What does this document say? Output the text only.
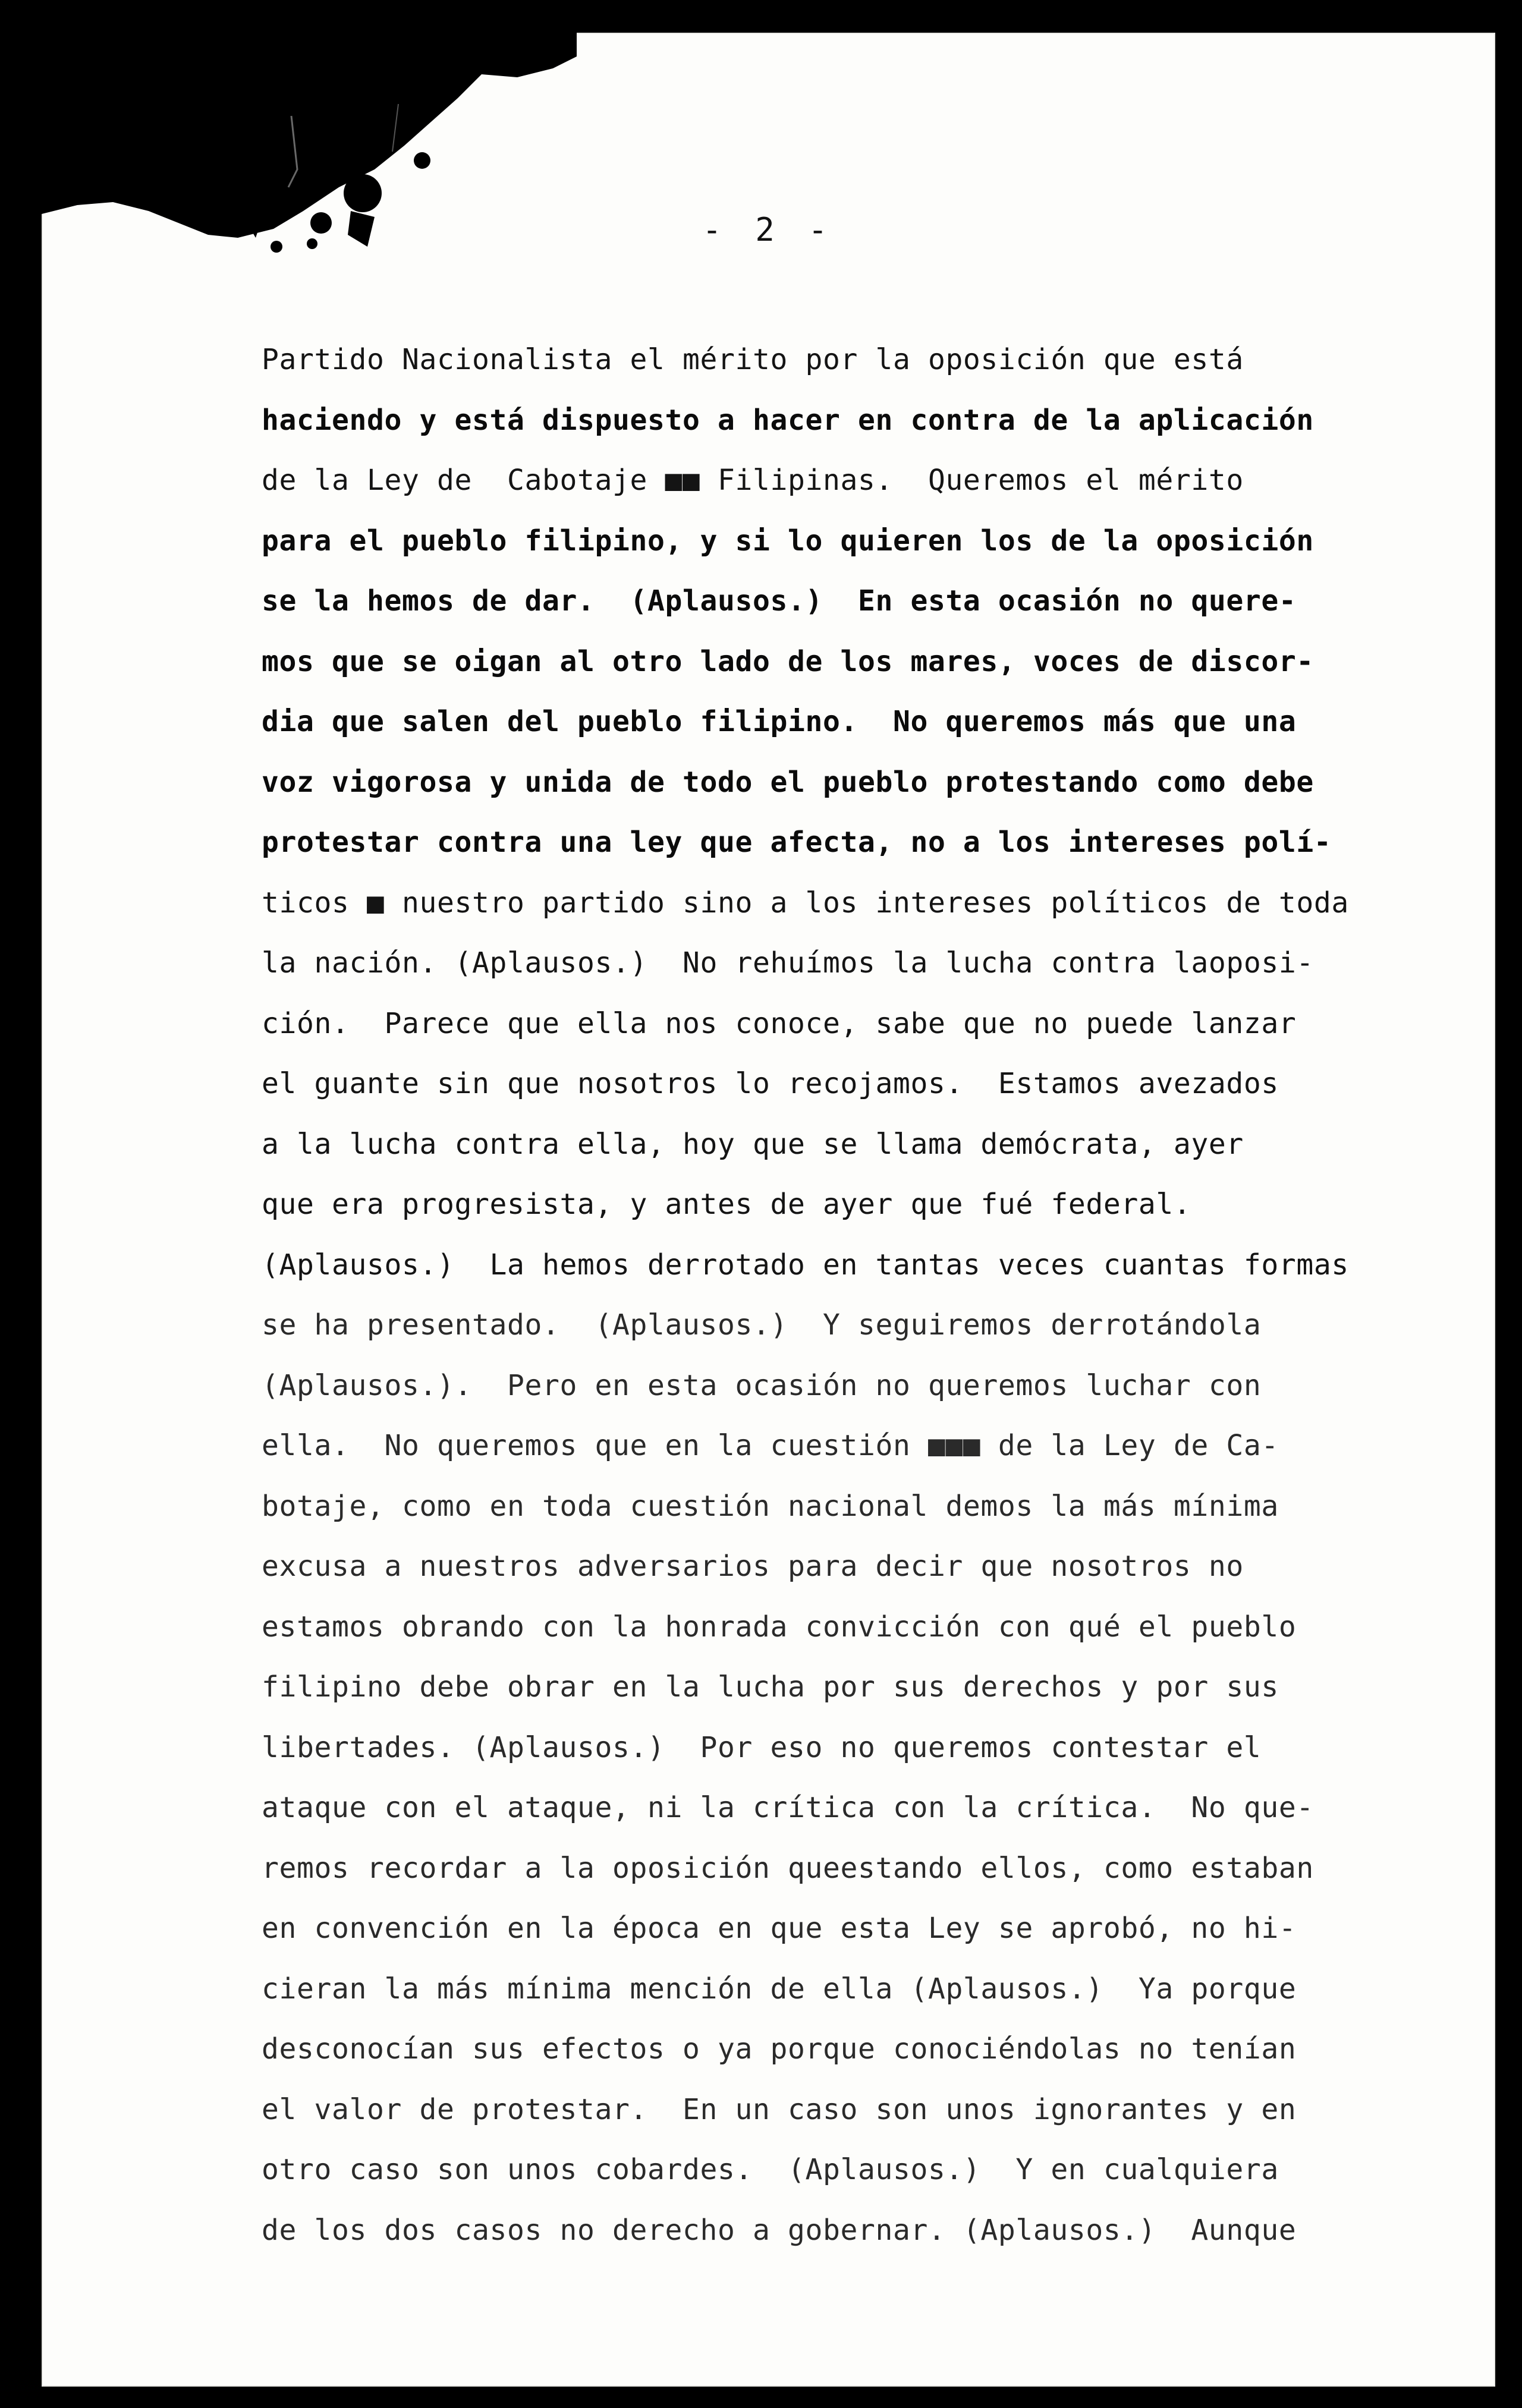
- 2 -
Partido Nacionalista el mérito por la oposición que está
haciendo y está dispuesto a hacer en contra de la aplicación
de la Ley de  Cabotaje ■■ Filipinas.  Queremos el mérito
para el pueblo filipino, y si lo quieren los de la oposición
se la hemos de dar.  (Aplausos.)  En esta ocasión no quere-
mos que se oigan al otro lado de los mares, voces de discor-
dia que salen del pueblo filipino.  No queremos más que una
voz vigorosa y unida de todo el pueblo protestando como debe
protestar contra una ley que afecta, no a los intereses polí-
ticos ■ nuestro partido sino a los intereses políticos de toda
la nación. (Aplausos.)  No rehuímos la lucha contra laoposi-
ción.  Parece que ella nos conoce, sabe que no puede lanzar
el guante sin que nosotros lo recojamos.  Estamos avezados
a la lucha contra ella, hoy que se llama demócrata, ayer
que era progresista, y antes de ayer que fué federal.
(Aplausos.)  La hemos derrotado en tantas veces cuantas formas
se ha presentado.  (Aplausos.)  Y seguiremos derrotándola
(Aplausos.).  Pero en esta ocasión no queremos luchar con
ella.  No queremos que en la cuestión ■■■ de la Ley de Ca-
botaje, como en toda cuestión nacional demos la más mínima
excusa a nuestros adversarios para decir que nosotros no
estamos obrando con la honrada convicción con qué el pueblo
filipino debe obrar en la lucha por sus derechos y por sus
libertades. (Aplausos.)  Por eso no queremos contestar el
ataque con el ataque, ni la crítica con la crítica.  No que-
remos recordar a la oposición queestando ellos, como estaban
en convención en la época en que esta Ley se aprobó, no hi-
cieran la más mínima mención de ella (Aplausos.)  Ya porque
desconocían sus efectos o ya porque conociéndolas no tenían
el valor de protestar.  En un caso son unos ignorantes y en
otro caso son unos cobardes.  (Aplausos.)  Y en cualquiera
de los dos casos no derecho a gobernar. (Aplausos.)  Aunque
